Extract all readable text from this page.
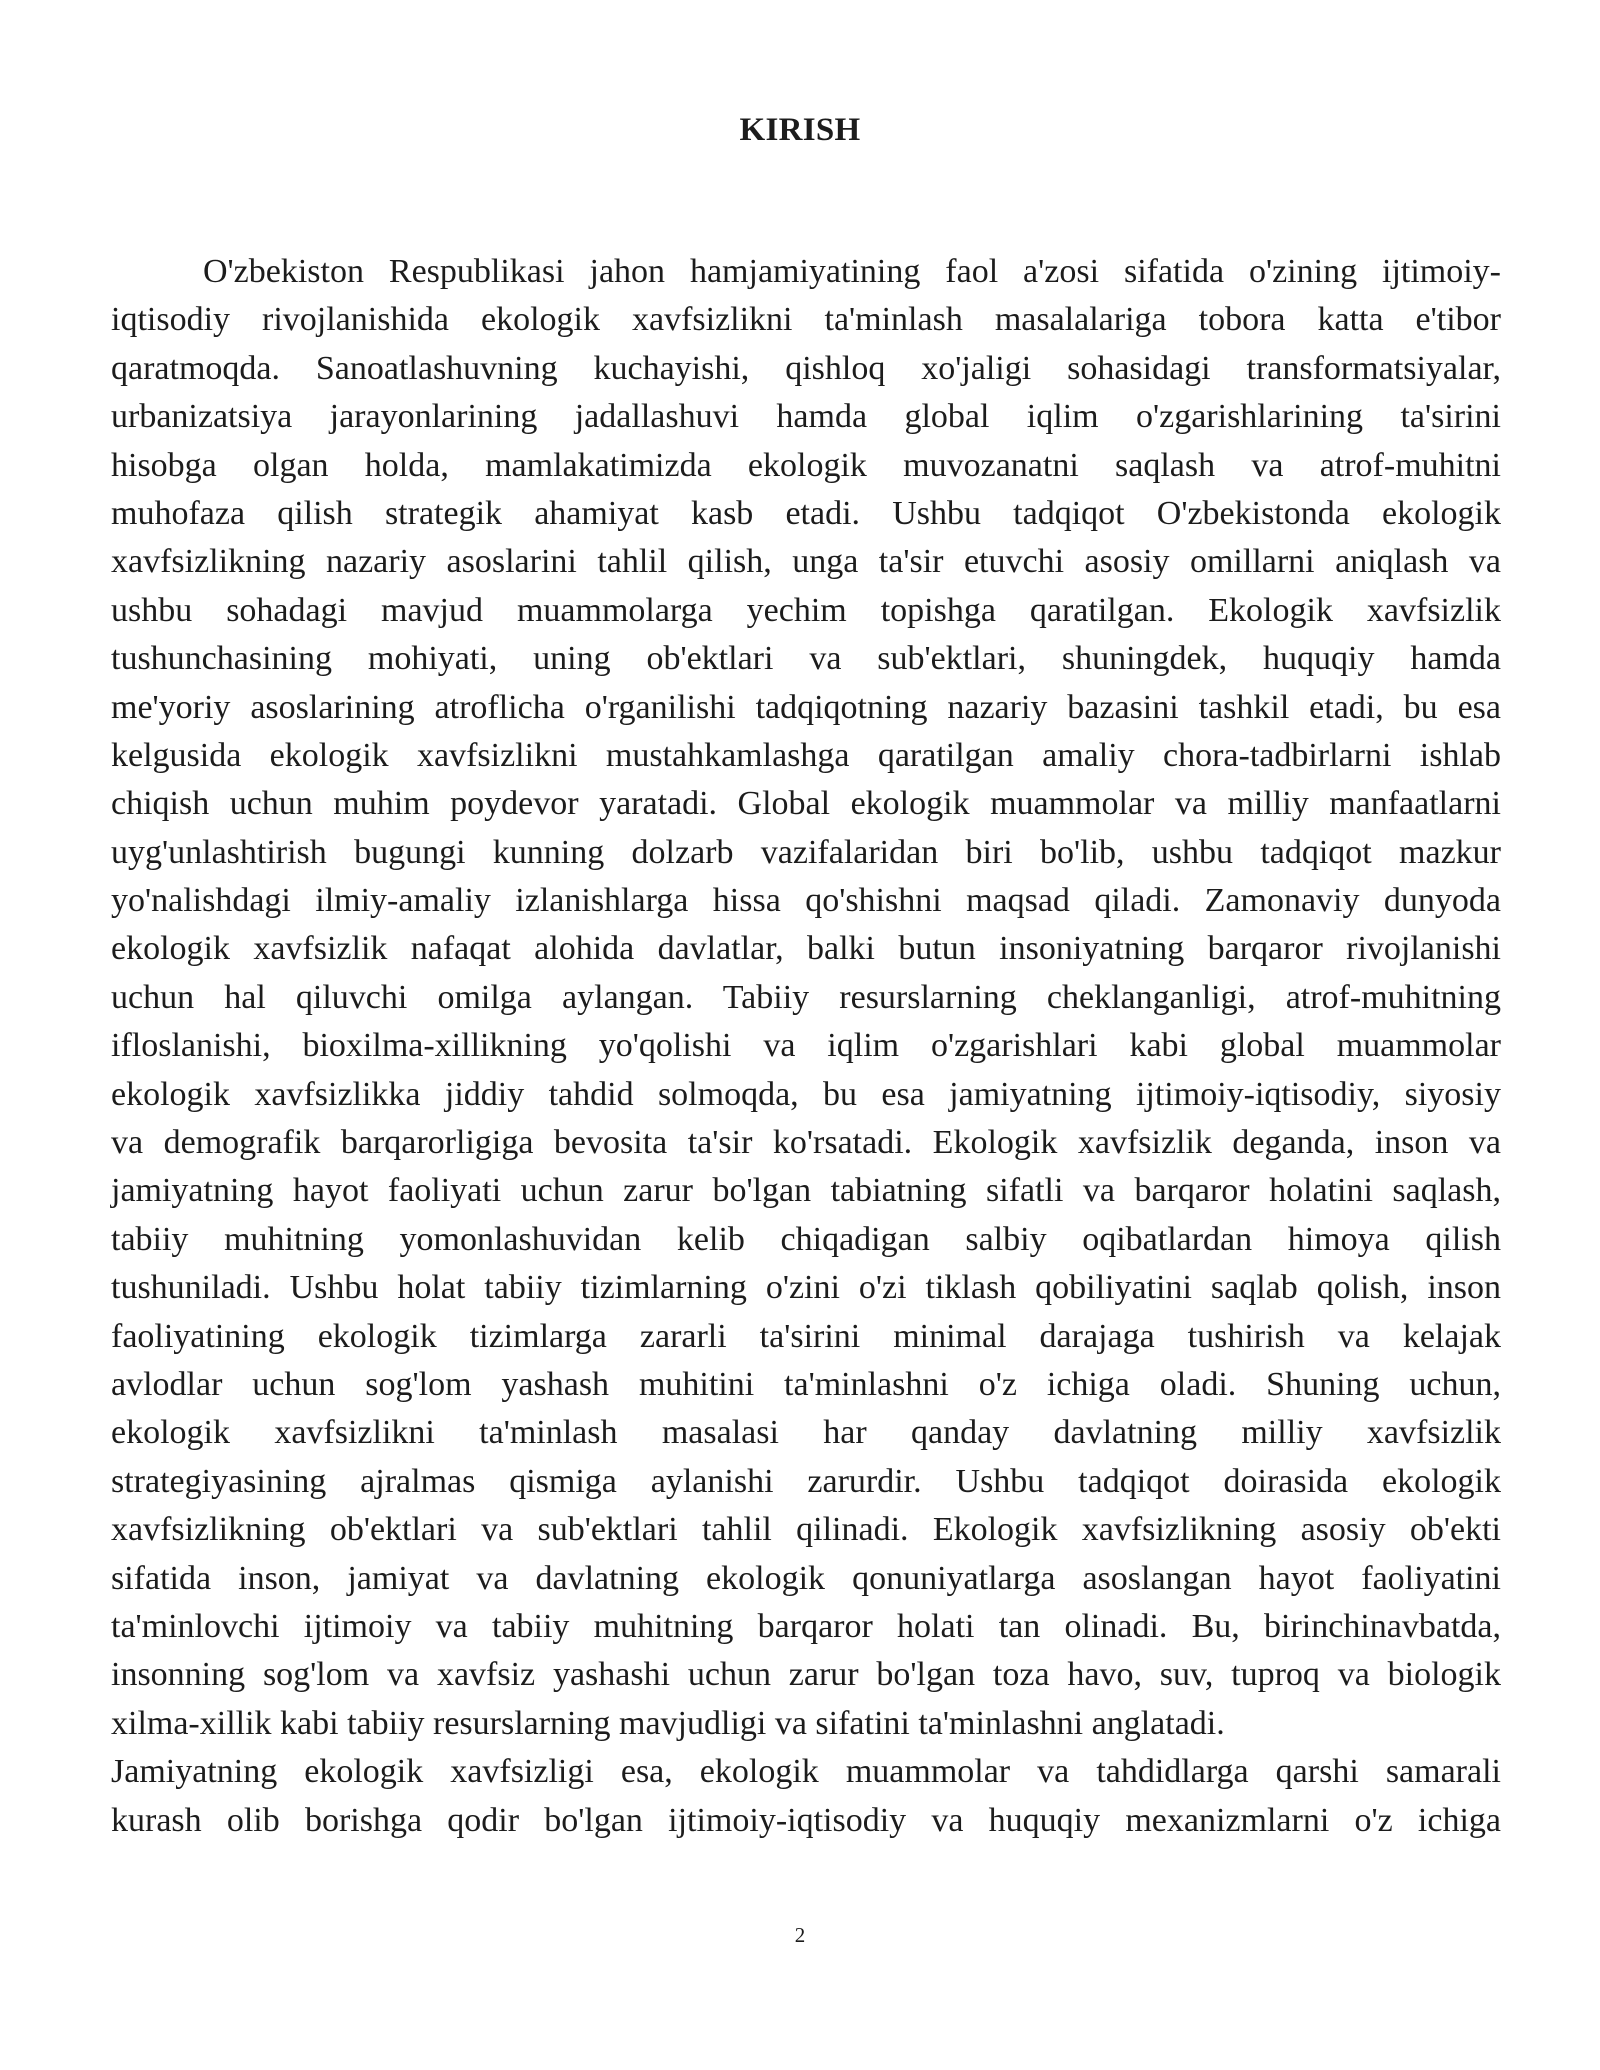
KIRISH
O'zbekiston Respublikasi jahon hamjamiyatining faol a'zosi sifatida o'zining ijtimoiy-
iqtisodiy rivojlanishida ekologik xavfsizlikni ta'minlash masalalariga tobora katta e'tibor
qaratmoqda. Sanoatlashuvning kuchayishi, qishloq xo'jaligi sohasidagi transformatsiyalar,
urbanizatsiya jarayonlarining jadallashuvi hamda global iqlim o'zgarishlarining ta'sirini
hisobga olgan holda, mamlakatimizda ekologik muvozanatni saqlash va atrof-muhitni
muhofaza qilish strategik ahamiyat kasb etadi. Ushbu tadqiqot O'zbekistonda ekologik
xavfsizlikning nazariy asoslarini tahlil qilish, unga ta'sir etuvchi asosiy omillarni aniqlash va
ushbu sohadagi mavjud muammolarga yechim topishga qaratilgan. Ekologik xavfsizlik
tushunchasining mohiyati, uning ob'ektlari va sub'ektlari, shuningdek, huquqiy hamda
me'yoriy asoslarining atroflicha o'rganilishi tadqiqotning nazariy bazasini tashkil etadi, bu esa
kelgusida ekologik xavfsizlikni mustahkamlashga qaratilgan amaliy chora-tadbirlarni ishlab
chiqish uchun muhim poydevor yaratadi. Global ekologik muammolar va milliy manfaatlarni
uyg'unlashtirish bugungi kunning dolzarb vazifalaridan biri bo'lib, ushbu tadqiqot mazkur
yo'nalishdagi ilmiy-amaliy izlanishlarga hissa qo'shishni maqsad qiladi. Zamonaviy dunyoda
ekologik xavfsizlik nafaqat alohida davlatlar, balki butun insoniyatning barqaror rivojlanishi
uchun hal qiluvchi omilga aylangan. Tabiiy resurslarning cheklanganligi, atrof-muhitning
ifloslanishi, bioxilma-xillikning yo'qolishi va iqlim o'zgarishlari kabi global muammolar
ekologik xavfsizlikka jiddiy tahdid solmoqda, bu esa jamiyatning ijtimoiy-iqtisodiy, siyosiy
va demografik barqarorligiga bevosita ta'sir ko'rsatadi. Ekologik xavfsizlik deganda, inson va
jamiyatning hayot faoliyati uchun zarur bo'lgan tabiatning sifatli va barqaror holatini saqlash,
tabiiy muhitning yomonlashuvidan kelib chiqadigan salbiy oqibatlardan himoya qilish
tushuniladi. Ushbu holat tabiiy tizimlarning o'zini o'zi tiklash qobiliyatini saqlab qolish, inson
faoliyatining ekologik tizimlarga zararli ta'sirini minimal darajaga tushirish va kelajak
avlodlar uchun sog'lom yashash muhitini ta'minlashni o'z ichiga oladi. Shuning uchun,
ekologik xavfsizlikni ta'minlash masalasi har qanday davlatning milliy xavfsizlik
strategiyasining ajralmas qismiga aylanishi zarurdir. Ushbu tadqiqot doirasida ekologik
xavfsizlikning ob'ektlari va sub'ektlari tahlil qilinadi. Ekologik xavfsizlikning asosiy ob'ekti
sifatida inson, jamiyat va davlatning ekologik qonuniyatlarga asoslangan hayot faoliyatini
ta'minlovchi ijtimoiy va tabiiy muhitning barqaror holati tan olinadi. Bu, birinchinavbatda,
insonning sog'lom va xavfsiz yashashi uchun zarur bo'lgan toza havo, suv, tuproq va biologik
xilma-xillik kabi tabiiy resurslarning mavjudligi va sifatini ta'minlashni anglatadi.
Jamiyatning ekologik xavfsizligi esa, ekologik muammolar va tahdidlarga qarshi samarali
kurash olib borishga qodir bo'lgan ijtimoiy-iqtisodiy va huquqiy mexanizmlarni o'z ichiga
2
